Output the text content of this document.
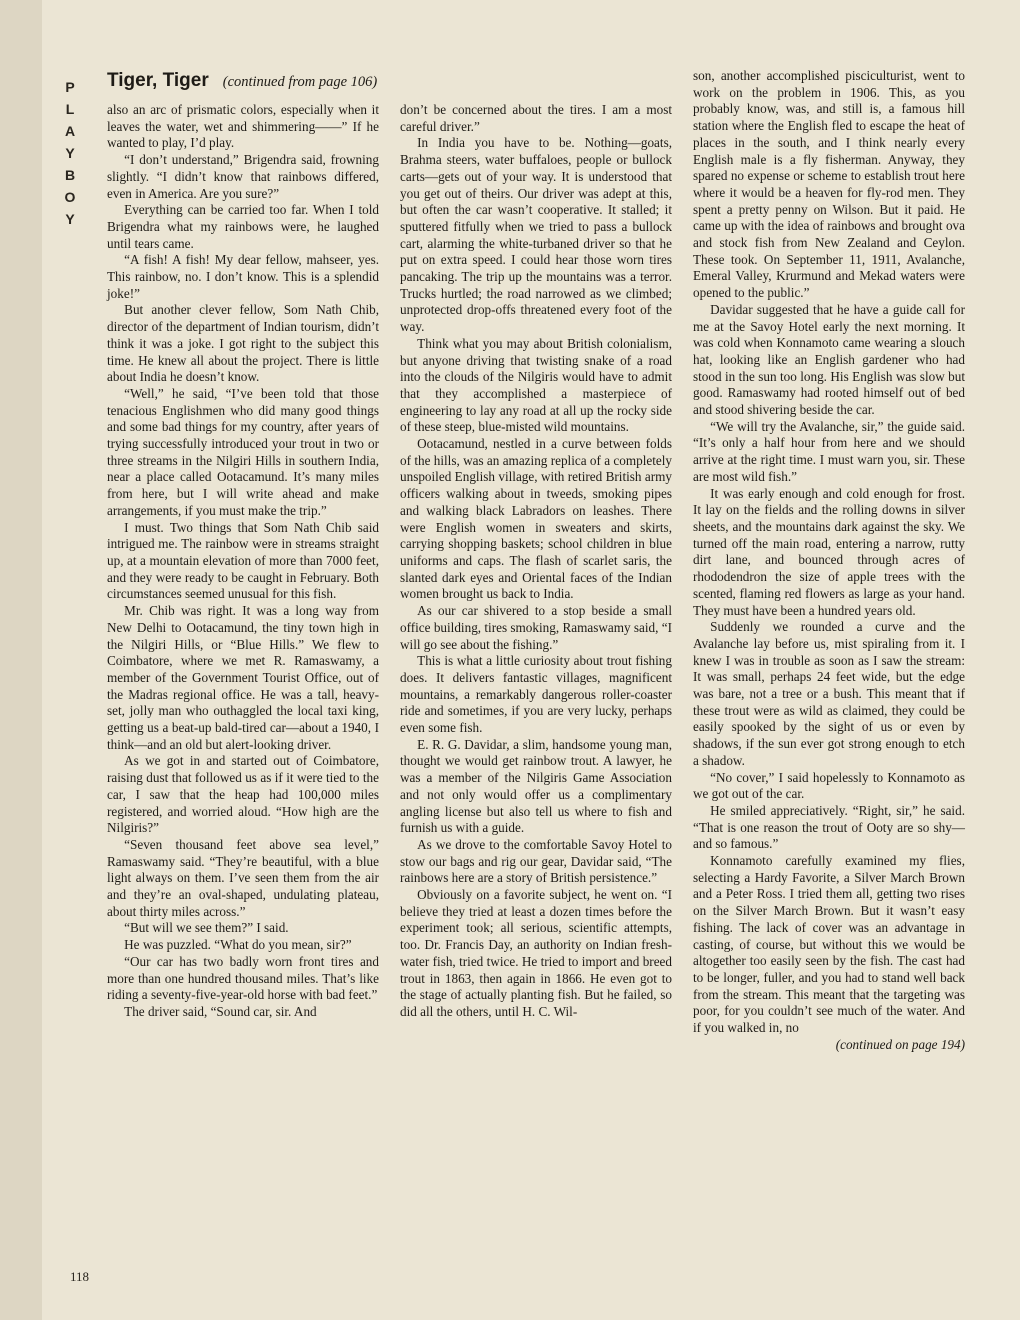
P
L
A
Y
B
O
Y
Tiger, Tiger (continued from page 106)

also an arc of prismatic colors, especially when it leaves the water, wet and shimmering——” If he wanted to play, I’d play.

“I don’t understand,” Brigendra said, frowning slightly. “I didn’t know that rainbows differed, even in America. Are you sure?”

Everything can be carried too far. When I told Brigendra what my rainbows were, he laughed until tears came.

“A fish! A fish! My dear fellow, mahseer, yes. This rainbow, no. I don’t know. This is a splendid joke!”

But another clever fellow, Som Nath Chib, director of the department of Indian tourism, didn’t think it was a joke. I got right to the subject this time. He knew all about the project. There is little about India he doesn’t know.

“Well,” he said, “I’ve been told that those tenacious Englishmen who did many good things and some bad things for my country, after years of trying successfully introduced your trout in two or three streams in the Nilgiri Hills in southern India, near a place called Ootacamund. It’s many miles from here, but I will write ahead and make arrangements, if you must make the trip.”

I must. Two things that Som Nath Chib said intrigued me. The rainbow were in streams straight up, at a mountain elevation of more than 7000 feet, and they were ready to be caught in February. Both circumstances seemed unusual for this fish.

Mr. Chib was right. It was a long way from New Delhi to Ootacamund, the tiny town high in the Nilgiri Hills, or “Blue Hills.” We flew to Coimbatore, where we met R. Ramaswamy, a member of the Government Tourist Office, out of the Madras regional office. He was a tall, heavy-set, jolly man who outhaggled the local taxi king, getting us a beat-up bald-tired car—about a 1940, I think—and an old but alert-looking driver.

As we got in and started out of Coimbatore, raising dust that followed us as if it were tied to the car, I saw that the heap had 100,000 miles registered, and worried aloud. “How high are the Nilgiris?”

“Seven thousand feet above sea level,” Ramaswamy said. “They’re beautiful, with a blue light always on them. I’ve seen them from the air and they’re an oval-shaped, undulating plateau, about thirty miles across.”

“But will we see them?” I said.

He was puzzled. “What do you mean, sir?”

“Our car has two badly worn front tires and more than one hundred thousand miles. That’s like riding a seventy-five-year-old horse with bad feet.”

The driver said, “Sound car, sir. And

don’t be concerned about the tires. I am a most careful driver.”

In India you have to be. Nothing—goats, Brahma steers, water buffaloes, people or bullock carts—gets out of your way. It is understood that you get out of theirs. Our driver was adept at this, but often the car wasn’t cooperative. It stalled; it sputtered fitfully when we tried to pass a bullock cart, alarming the white-turbaned driver so that he put on extra speed. I could hear those worn tires pancaking. The trip up the mountains was a terror. Trucks hurtled; the road narrowed as we climbed; unprotected drop-offs threatened every foot of the way.

Think what you may about British colonialism, but anyone driving that twisting snake of a road into the clouds of the Nilgiris would have to admit that they accomplished a masterpiece of engineering to lay any road at all up the rocky side of these steep, blue-misted wild mountains.

Ootacamund, nestled in a curve between folds of the hills, was an amazing replica of a completely unspoiled English village, with retired British army officers walking about in tweeds, smoking pipes and walking black Labradors on leashes. There were English women in sweaters and skirts, carrying shopping baskets; school children in blue uniforms and caps. The flash of scarlet saris, the slanted dark eyes and Oriental faces of the Indian women brought us back to India.

As our car shivered to a stop beside a small office building, tires smoking, Ramaswamy said, “I will go see about the fishing.”

This is what a little curiosity about trout fishing does. It delivers fantastic villages, magnificent mountains, a remarkably dangerous roller-coaster ride and sometimes, if you are very lucky, perhaps even some fish.

E. R. G. Davidar, a slim, handsome young man, thought we would get rainbow trout. A lawyer, he was a member of the Nilgiris Game Association and not only would offer us a complimentary angling license but also tell us where to fish and furnish us with a guide.

As we drove to the comfortable Savoy Hotel to stow our bags and rig our gear, Davidar said, “The rainbows here are a story of British persistence.”

Obviously on a favorite subject, he went on. “I believe they tried at least a dozen times before the experiment took; all serious, scientific attempts, too. Dr. Francis Day, an authority on Indian fresh-water fish, tried twice. He tried to import and breed trout in 1863, then again in 1866. He even got to the stage of actually planting fish. But he failed, so did all the others, until H. C. Wil-

son, another accomplished pisciculturist, went to work on the problem in 1906. This, as you probably know, was, and still is, a famous hill station where the English fled to escape the heat of places in the south, and I think nearly every English male is a fly fisherman. Anyway, they spared no expense or scheme to establish trout here where it would be a heaven for fly-rod men. They spent a pretty penny on Wilson. But it paid. He came up with the idea of rainbows and brought ova and stock fish from New Zealand and Ceylon. These took. On September 11, 1911, Avalanche, Emeral Valley, Krurmund and Mekad waters were opened to the public.”

Davidar suggested that he have a guide call for me at the Savoy Hotel early the next morning. It was cold when Konnamoto came wearing a slouch hat, looking like an English gardener who had stood in the sun too long. His English was slow but good. Ramaswamy had rooted himself out of bed and stood shivering beside the car.

“We will try the Avalanche, sir,” the guide said. “It’s only a half hour from here and we should arrive at the right time. I must warn you, sir. These are most wild fish.”

It was early enough and cold enough for frost. It lay on the fields and the rolling downs in silver sheets, and the mountains dark against the sky. We turned off the main road, entering a narrow, rutty dirt lane, and bounced through acres of rhododendron the size of apple trees with the scented, flaming red flowers as large as your hand. They must have been a hundred years old.

Suddenly we rounded a curve and the Avalanche lay before us, mist spiraling from it. I knew I was in trouble as soon as I saw the stream: It was small, perhaps 24 feet wide, but the edge was bare, not a tree or a bush. This meant that if these trout were as wild as claimed, they could be easily spooked by the sight of us or even by shadows, if the sun ever got strong enough to etch a shadow.

“No cover,” I said hopelessly to Konnamoto as we got out of the car.

He smiled appreciatively. “Right, sir,” he said. “That is one reason the trout of Ooty are so shy—and so famous.”

Konnamoto carefully examined my flies, selecting a Hardy Favorite, a Silver March Brown and a Peter Ross. I tried them all, getting two rises on the Silver March Brown. But it wasn’t easy fishing. The lack of cover was an advantage in casting, of course, but without this we would be altogether too easily seen by the fish. The cast had to be longer, fuller, and you had to stand well back from the stream. This meant that the targeting was poor, for you couldn’t see much of the water. And if you walked in, no

(continued on page 194)

118
